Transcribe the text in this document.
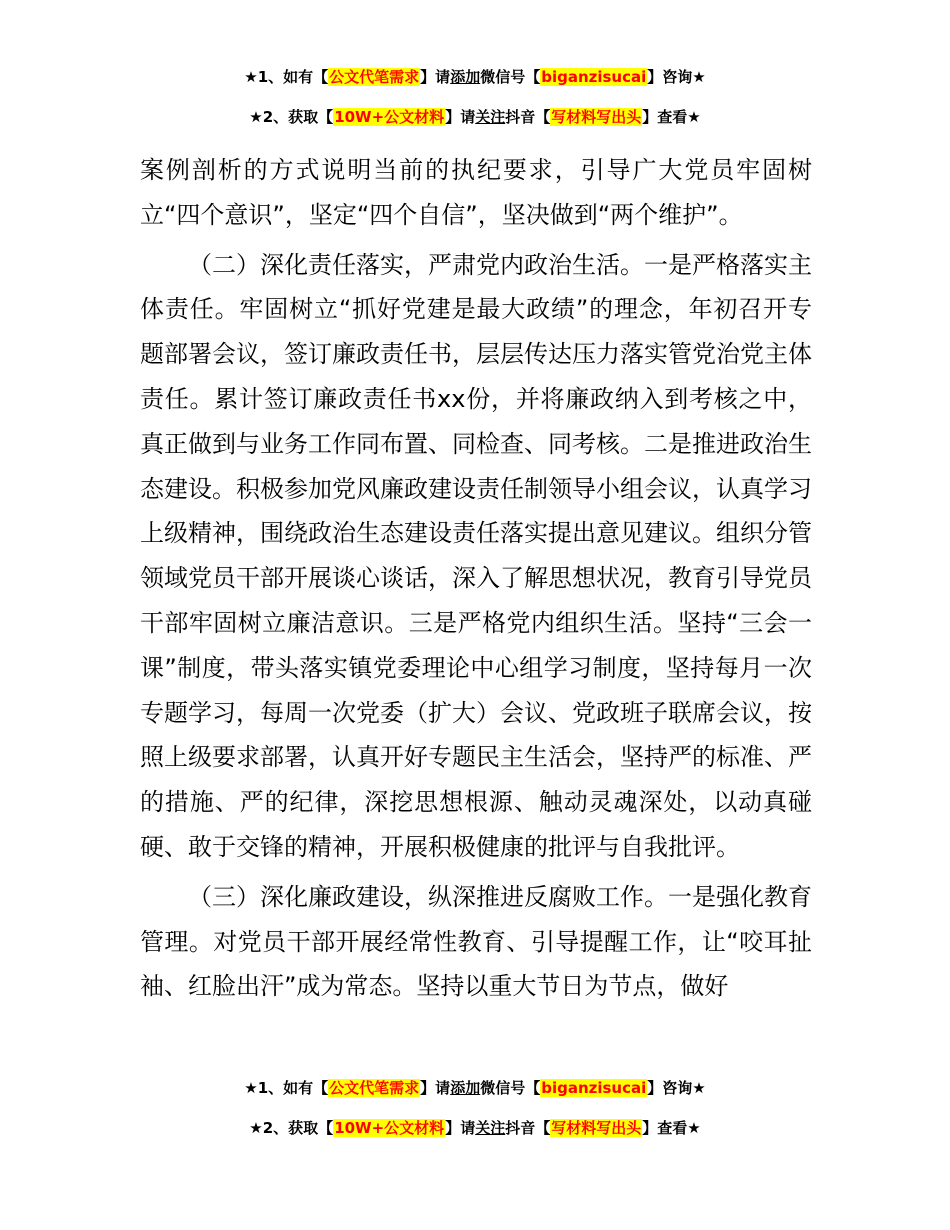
★1、如有【公文代笔需求】请添加微信号【biganzisucai】咨询★
★2、获取【10W+公文材料】请关注抖音【写材料写出头】查看★

案例剖析的方式说明当前的执纪要求，引导广大党员牢固树立“四个意识”，坚定“四个自信”，坚决做到“两个维护”。

（二）深化责任落实，严肃党内政治生活。一是严格落实主体责任。牢固树立“抓好党建是最大政绩”的理念，年初召开专题部署会议，签订廉政责任书，层层传达压力落实管党治党主体责任。累计签订廉政责任书xx份，并将廉政纳入到考核之中，真正做到与业务工作同布置、同检查、同考核。二是推进政治生态建设。积极参加党风廉政建设责任制领导小组会议，认真学习上级精神，围绕政治生态建设责任落实提出意见建议。组织分管领域党员干部开展谈心谈话，深入了解思想状况，教育引导党员干部牢固树立廉洁意识。三是严格党内组织生活。坚持“三会一课”制度，带头落实镇党委理论中心组学习制度，坚持每月一次专题学习，每周一次党委（扩大）会议、党政班子联席会议，按照上级要求部署，认真开好专题民主生活会，坚持严的标准、严的措施、严的纪律，深挖思想根源、触动灵魂深处，以动真碰硬、敢于交锋的精神，开展积极健康的批评与自我批评。

（三）深化廉政建设，纵深推进反腐败工作。一是强化教育管理。对党员干部开展经常性教育、引导提醒工作，让“咬耳扯袖、红脸出汗”成为常态。坚持以重大节日为节点，做好

★1、如有【公文代笔需求】请添加微信号【biganzisucai】咨询★
★2、获取【10W+公文材料】请关注抖音【写材料写出头】查看★
